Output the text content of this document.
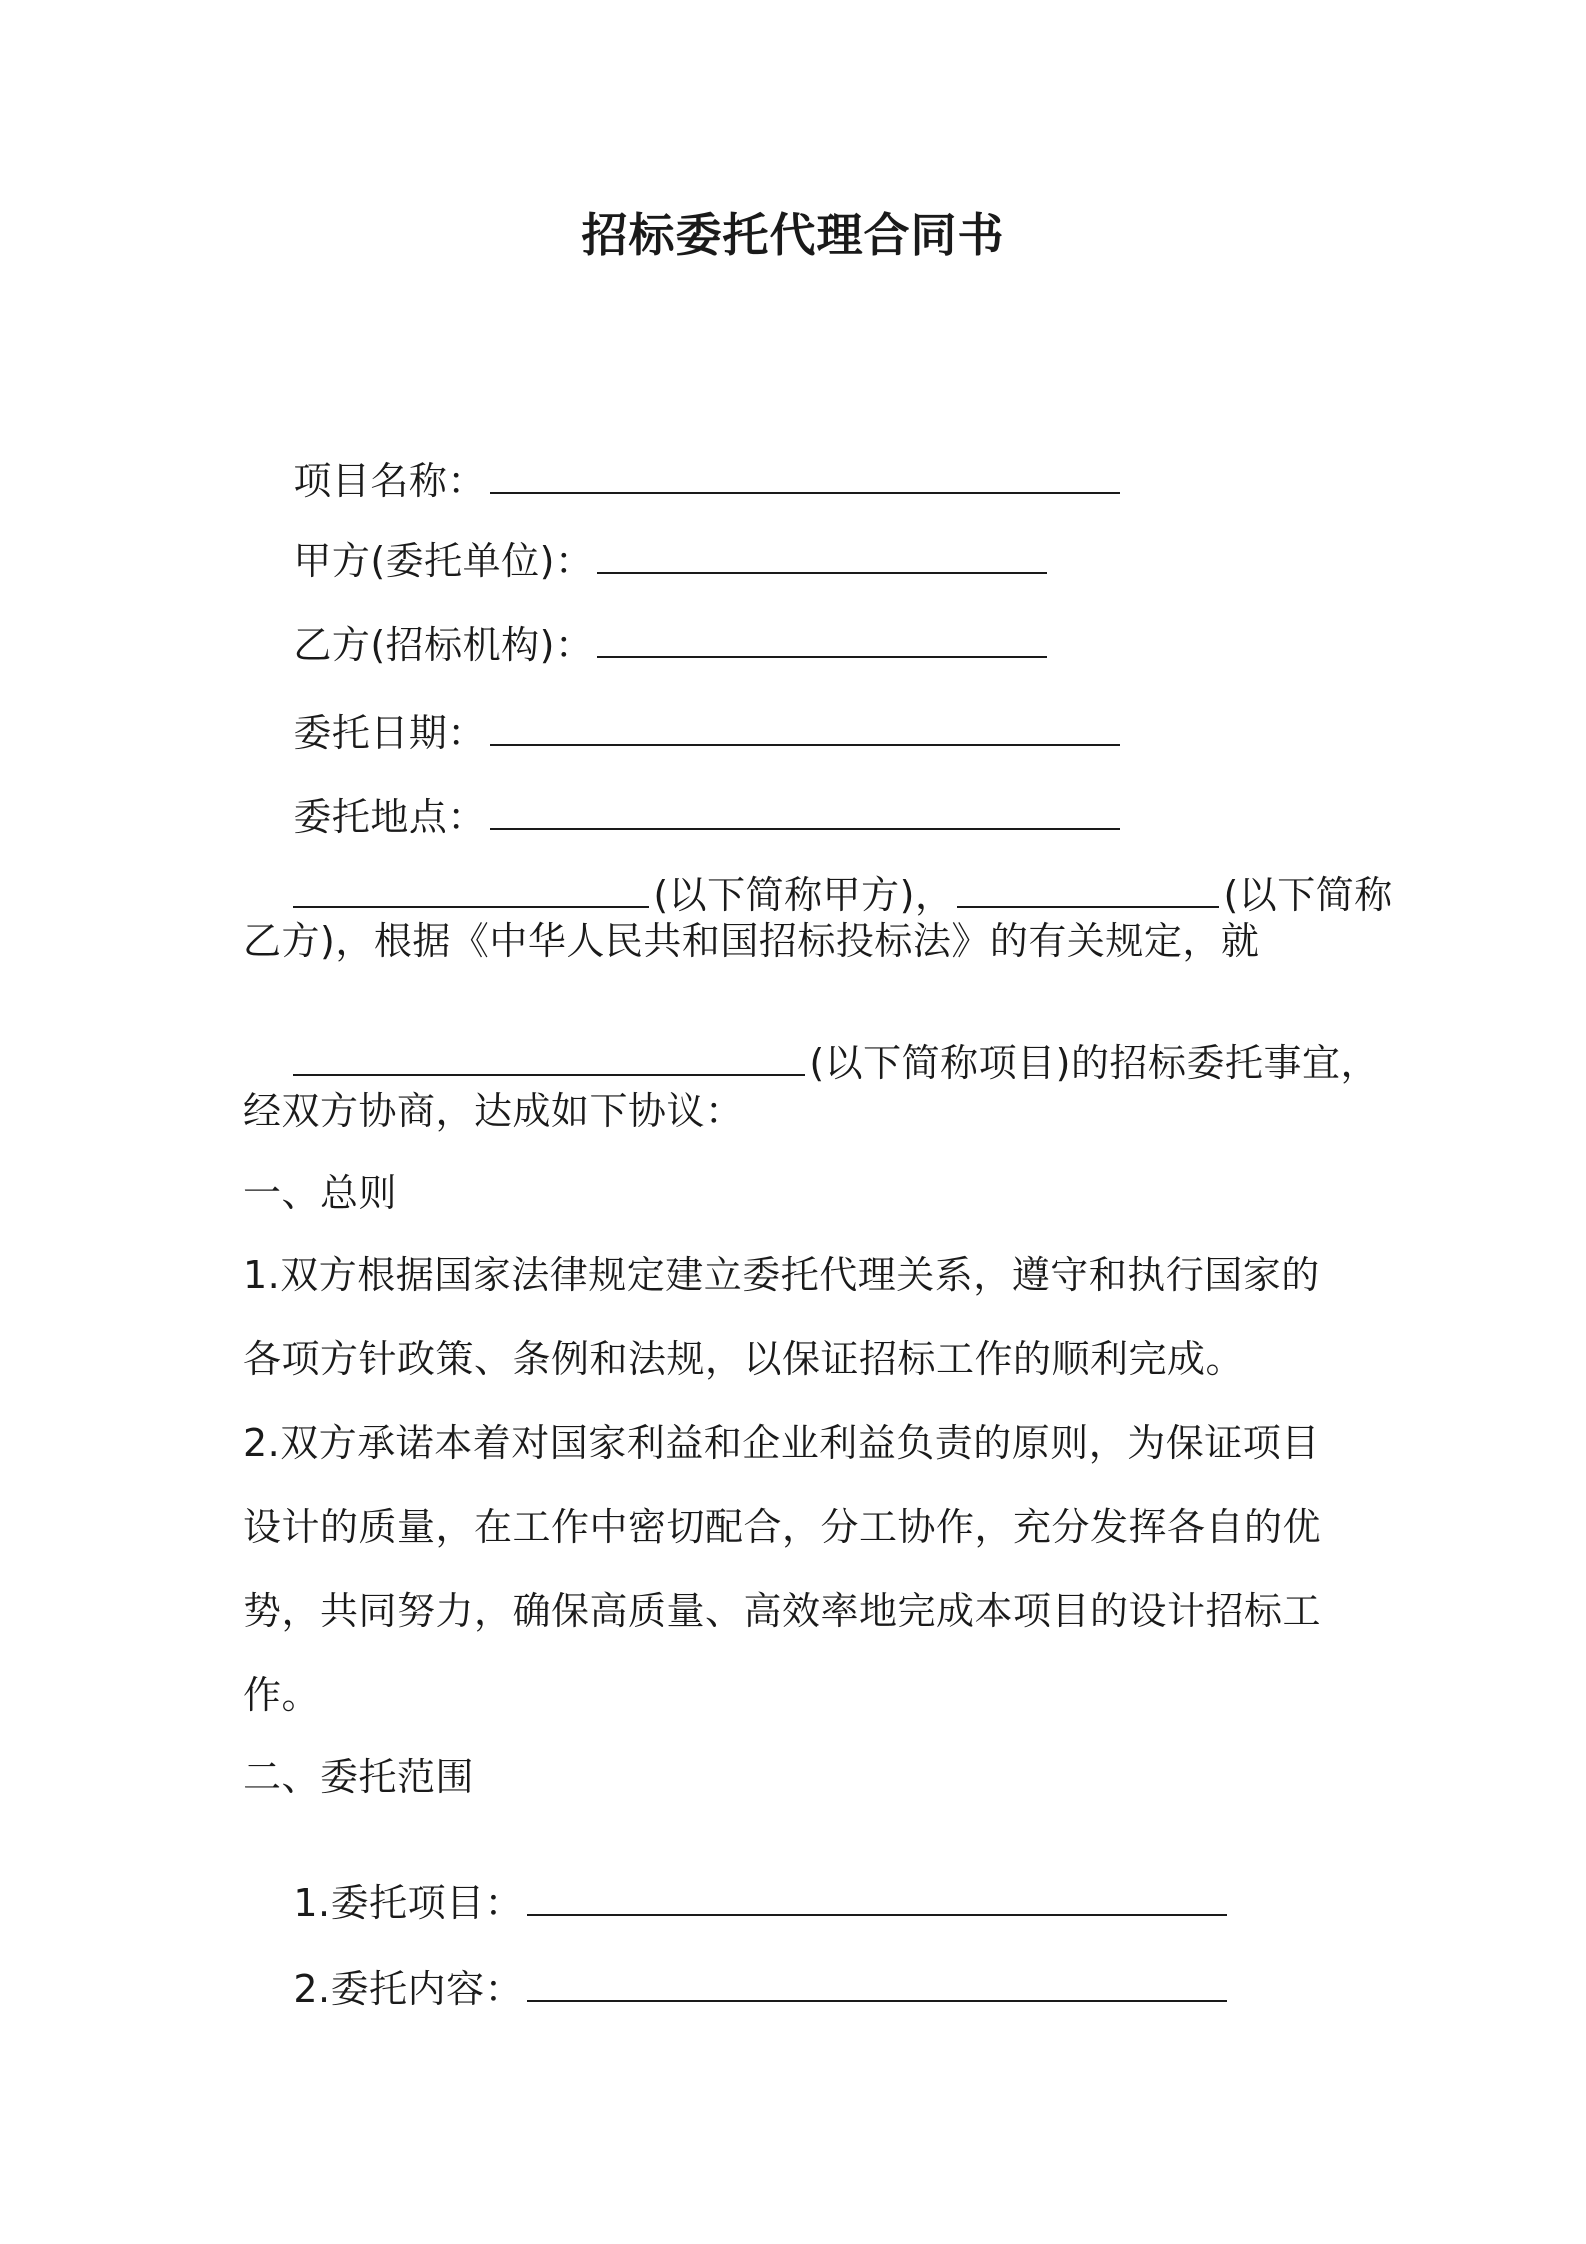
招标委托代理合同书

项目名称：

甲方(委托单位)：

乙方(招标机构)：

委托日期：

委托地点：

(以下简称甲方)，	(以下简称

乙方)，根据《中华人民共和国招标投标法》的有关规定，就

(以下简称项目)的招标委托事宜，

经双方协商，达成如下协议：
一、总则
1.双方根据国家法律规定建立委托代理关系，遵守和执行国家的
各项方针政策、条例和法规，以保证招标工作的顺利完成。
2.双方承诺本着对国家利益和企业利益负责的原则，为保证项目
设计的质量，在工作中密切配合，分工协作，充分发挥各自的优
势，共同努力，确保高质量、高效率地完成本项目的设计招标工
作。
二、委托范围

1.委托项目：

2.委托内容：
